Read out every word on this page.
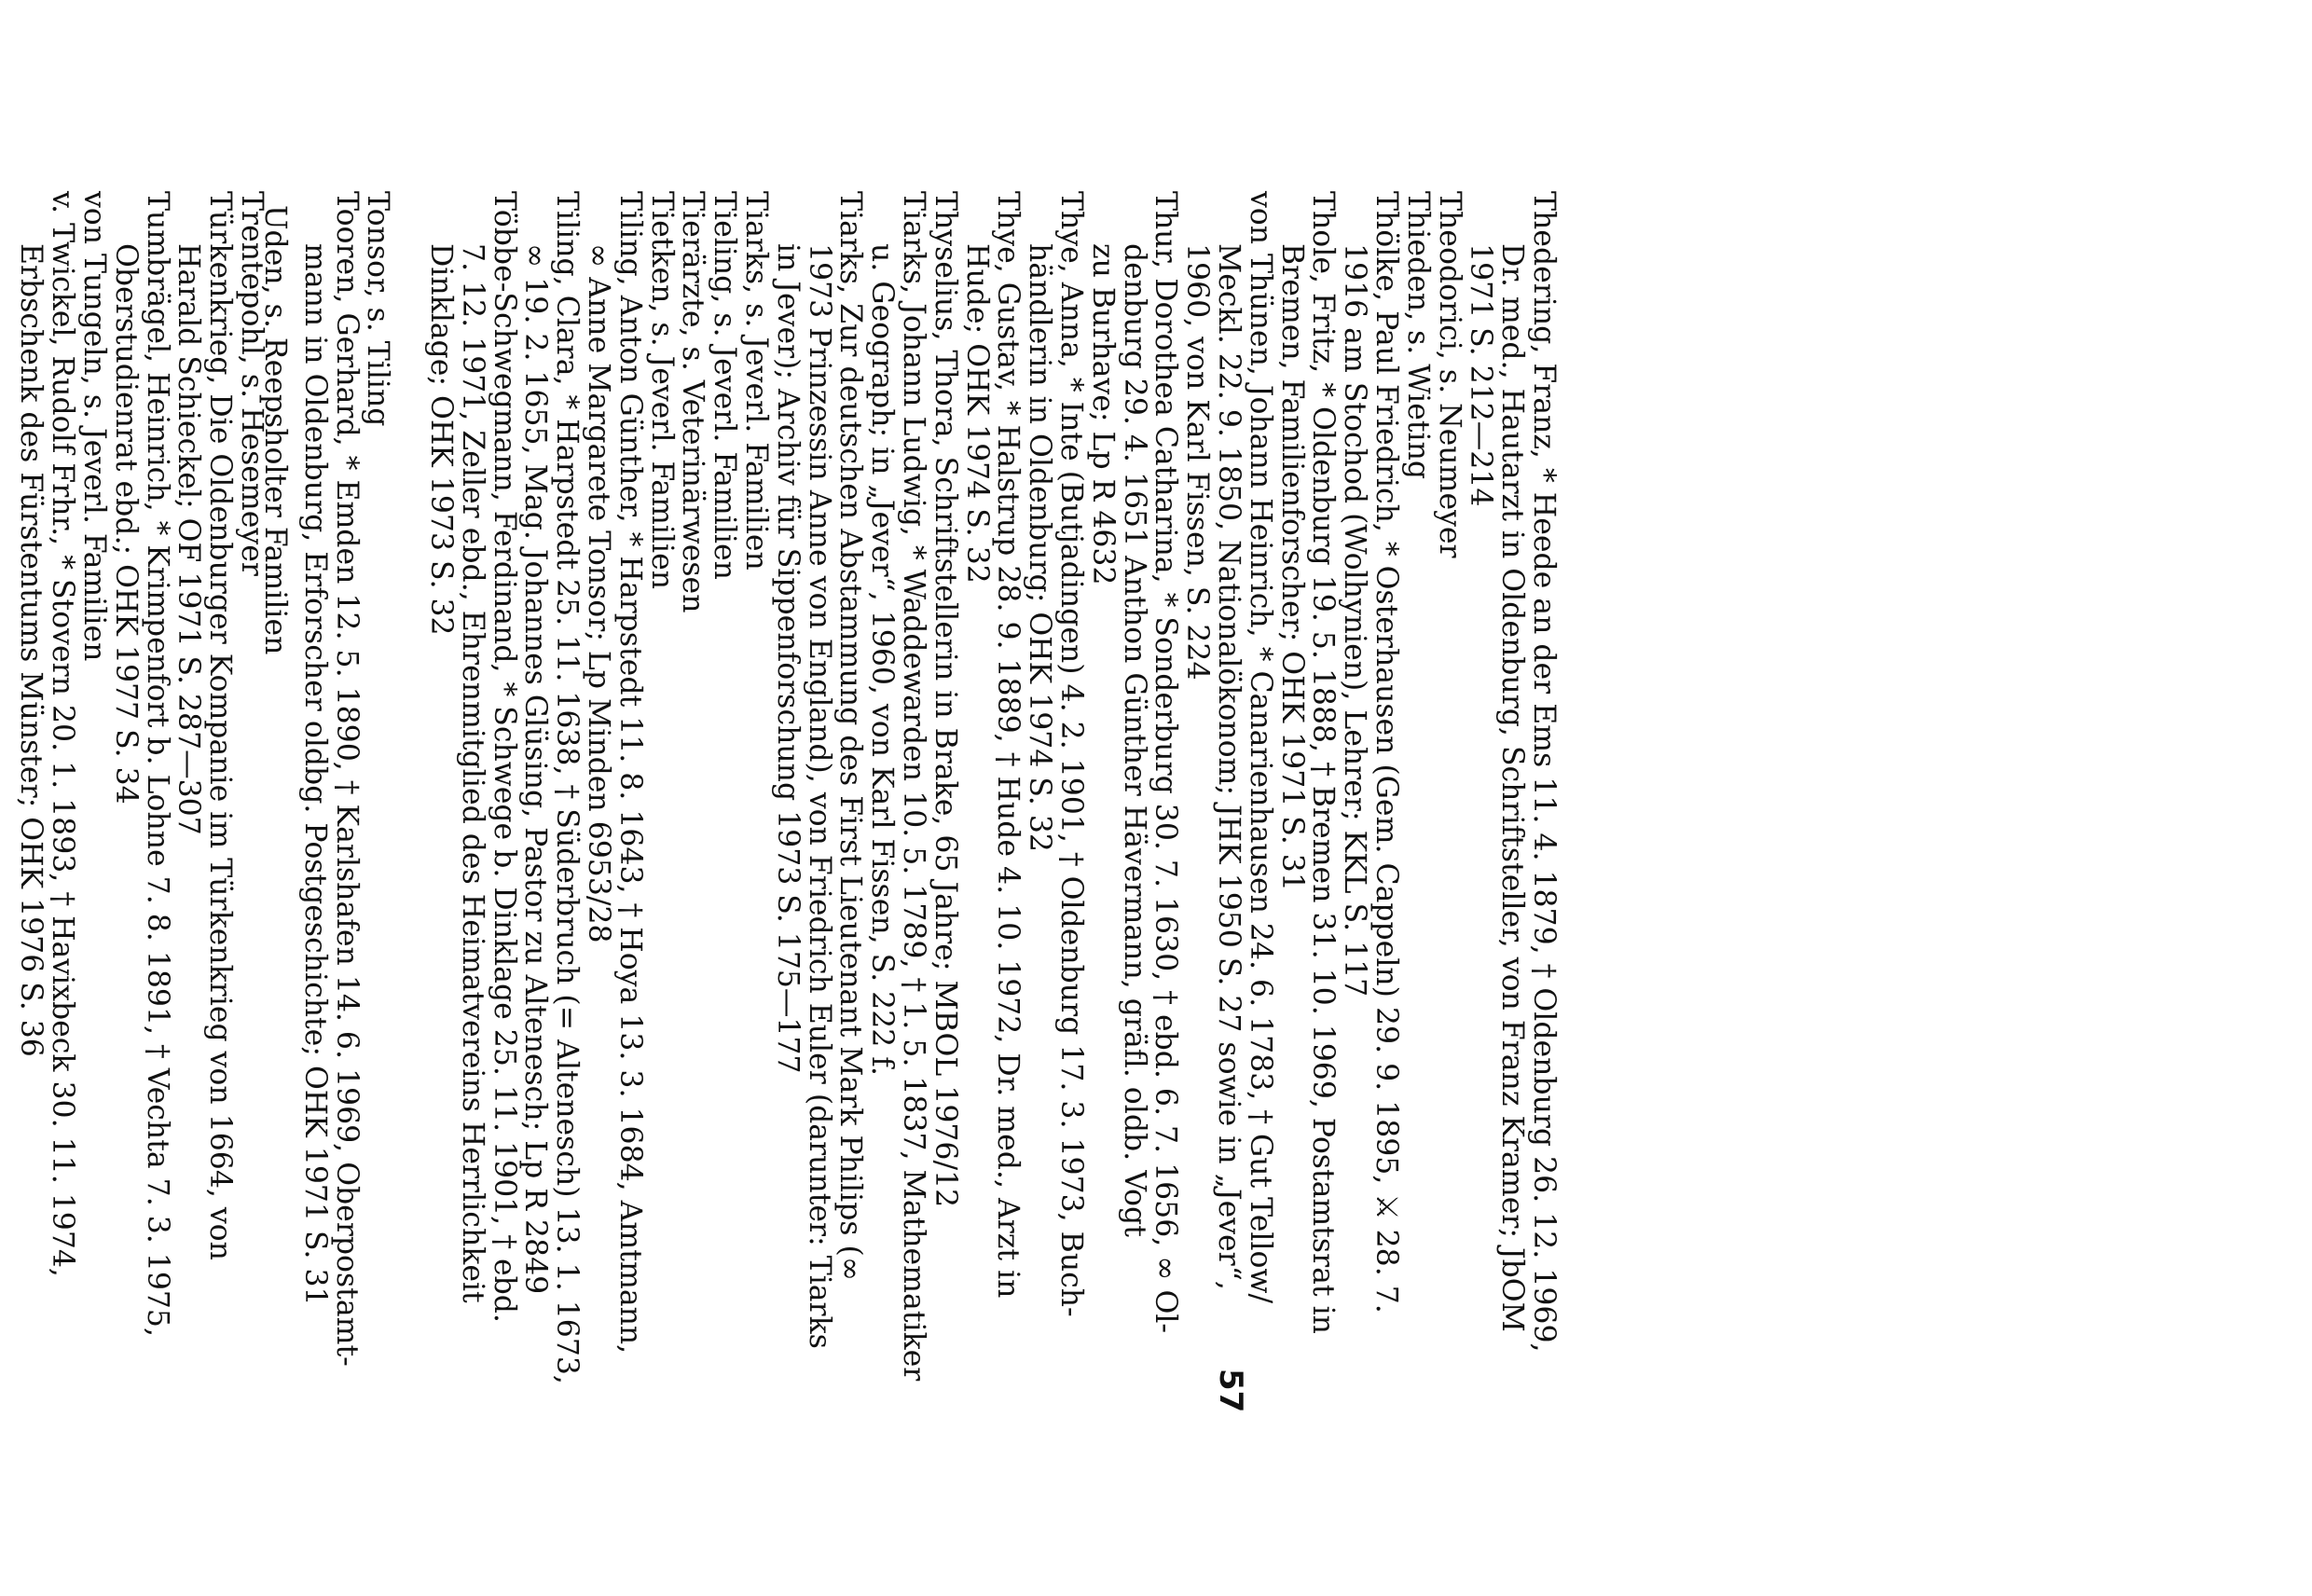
Thedering, Franz, * Heede an der Ems 11. 4. 1879, † Oldenburg 26. 12. 1969,
Dr. med., Hautarzt in Oldenburg, Schriftsteller, von Franz Kramer; JbOM
1971 S. 212—214
Theodorici, s. Neumeyer
Thieden, s. Wieting
Thölke, Paul Friedrich, * Osterhausen (Gem. Cappeln) 29. 9. 1895, ⚔ 28. 7.
1916 am Stochod (Wolhynien), Lehrer; KKL S. 117
Thole, Fritz, * Oldenburg 19. 5. 1888, † Bremen 31. 10. 1969, Postamtsrat in
Bremen, Familienforscher; OHK 1971 S. 31
von Thünen, Johann Heinrich, * Canarienhausen 24. 6. 1783, † Gut Tellow/
Meckl. 22. 9. 1850, Nationalökonom; JHK 1950 S. 27 sowie in „Jever“,
1960, von Karl Fissen, S. 224
Thur, Dorothea Catharina, * Sonderburg 30. 7. 1630, † ebd. 6. 7. 1656, ∞ Ol-
denburg 29. 4. 1651 Anthon Günther Hävermann, gräfl. oldb. Vogt
zu Burhave; Lp R 4632
Thye, Anna, * Inte (Butjadingen) 4. 2. 1901, † Oldenburg 17. 3. 1973, Buch-
händlerin in Oldenburg; OHK 1974 S. 32
Thye, Gustav, * Halstrup 28. 9. 1889, † Hude 4. 10. 1972, Dr. med., Arzt in
Hude; OHK 1974 S. 32
Thyselius, Thora, Schriftstellerin in Brake, 65 Jahre; MBOL 1976/12
Tiarks, Johann Ludwig, * Waddewarden 10. 5. 1789, † 1. 5. 1837, Mathematiker
u. Geograph; in „Jever“, 1960, von Karl Fissen, S. 222 f.
Tiarks, Zur deutschen Abstammung des First Lieutenant Mark Philips (∞
1973 Prinzessin Anne von England), von Friedrich Euler (darunter: Tiarks
in Jever); Archiv für Sippenforschung 1973 S. 175—177
Tiarks, s. Jeverl. Familien
Tieling, s. Jeverl. Familien
Tierärzte, s. Veterinärwesen
Tietken, s. Jeverl. Familien
Tiling, Anton Günther, * Harpstedt 11. 8. 1643, † Hoya 13. 3. 1684, Amtmann,
∞ Anne Margarete Tonsor; Lp Minden 6953/28
Tiling, Clara, * Harpstedt 25. 11. 1638, † Süderbruch (= Altenesch) 13. 1. 1673,
∞ 19. 2. 1655, Mag. Johannes Glüsing, Pastor zu Altenesch; Lp R 2849
Többe-Schwegmann, Ferdinand, * Schwege b. Dinklage 25. 11. 1901, † ebd.
7. 12. 1971, Zeller ebd., Ehrenmitglied des Heimatvereins Herrlichkeit
Dinklage; OHK 1973 S. 32
Tonsor, s. Tiling
Tooren, Gerhard, * Emden 12. 5. 1890, † Karlshafen 14. 6. 1969, Oberpostamt-
mann in Oldenburg, Erforscher oldbg. Postgeschichte; OHK 1971 S. 31
Trentepohl, s. Hesemeyer
Türkenkrieg, Die Oldenburger Kompanie im Türkenkrieg von 1664, von
Harald Schieckel; OF 1971 S. 287—307
Tumbrägel, Heinrich, * Krimpenfort b. Lohne 7. 8. 1891, † Vechta 7. 3. 1975,
Oberstudienrat ebd.; OHK 1977 S. 34
von Tungeln, s. Jeverl. Familien
v. Twickel, Rudolf Frhr., * Stovern 20. 1. 1893, † Havixbeck 30. 11. 1974,
Erbschenk des Fürstentums Münster; OHK 1976 S. 36	Uden, s. Reepsholter Familien
57
